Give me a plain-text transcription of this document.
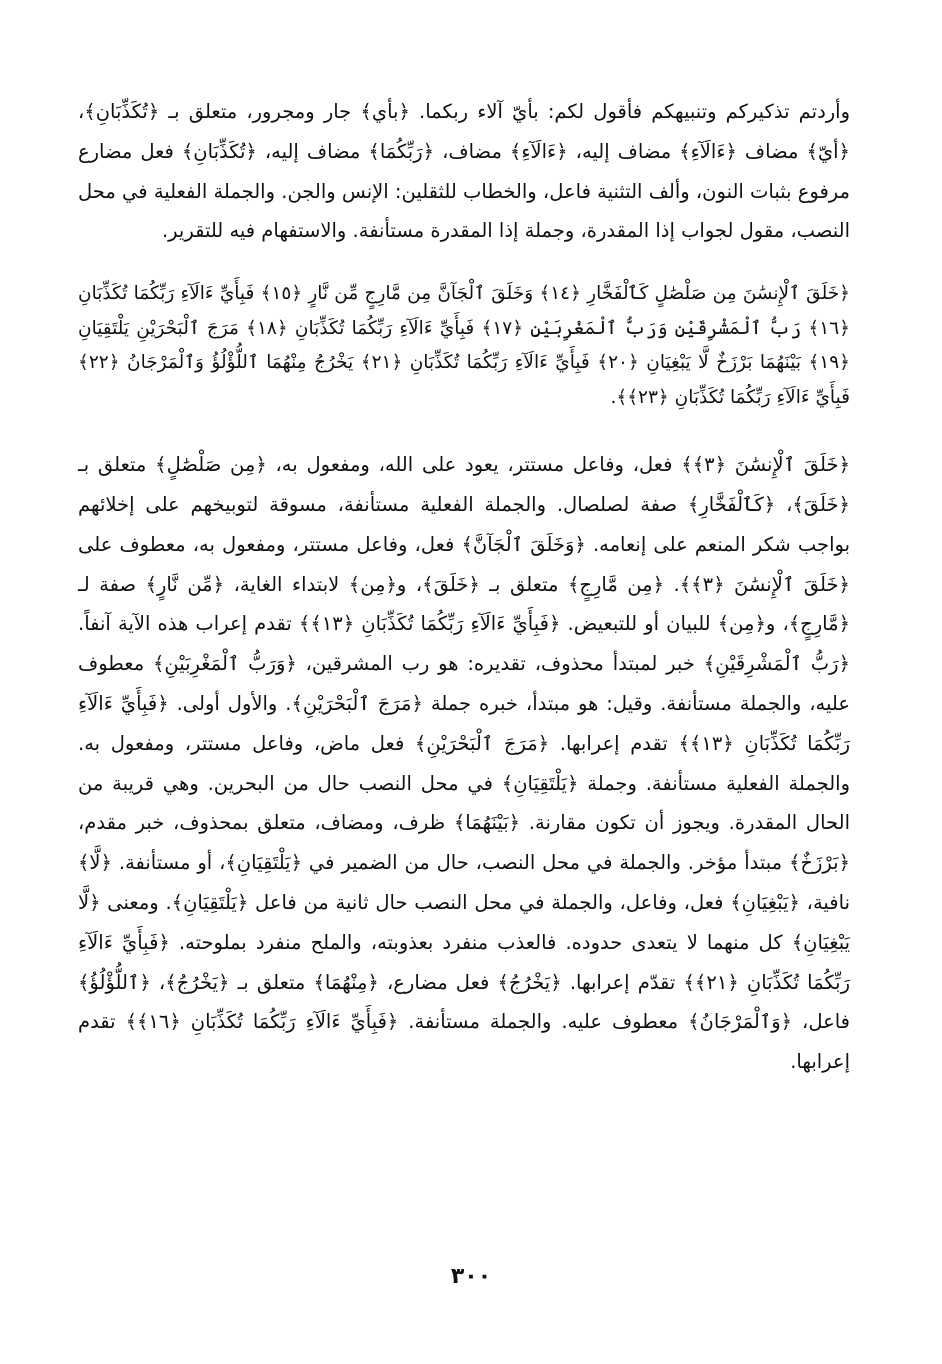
وأردتم تذكيركم وتنبيهكم فأقول لكم: بأيّ آلاء ربكما. ﴿بأي﴾ جار ومجرور، متعلق بـ ﴿تُكَذِّبَانِ﴾، ﴿أيّ﴾ مضاف ﴿ءَالَآءِ﴾ مضاف إليه، ﴿ءَالَآءِ﴾ مضاف، ﴿رَبِّكُمَا﴾ مضاف إليه، ﴿تُكَذِّبَانِ﴾ فعل مضارع مرفوع بثبات النون، وألف التثنية فاعل، والخطاب للثقلين: الإنس والجن. والجملة الفعلية في محل النصب، مقول لجواب إذا المقدرة، وجملة إذا المقدرة مستأنفة. والاستفهام فيه للتقرير.

﴿خَلَقَ ٱلْإِنسَٰنَ مِن صَلْصَٰلٍ كَٱلْفَخَّارِ ﴿١٤﴾ وَخَلَقَ ٱلْجَآنَّ مِن مَّارِجٍ مِّن نَّارٍ ﴿١٥﴾ فَبِأَيِّ ءَالَآءِ رَبِّكُمَا تُكَذِّبَانِ ﴿١٦﴾ رَبُّ ٱلْمَشْرِقَيْنِ وَرَبُّ ٱلْمَغْرِبَيْنِ ﴿١٧﴾ فَبِأَيِّ ءَالَآءِ رَبِّكُمَا تُكَذِّبَانِ ﴿١٨﴾ مَرَجَ ٱلْبَحْرَيْنِ يَلْتَقِيَانِ ﴿١٩﴾ بَيْنَهُمَا بَرْزَخٌ لَّا يَبْغِيَانِ ﴿٢٠﴾ فَبِأَيِّ ءَالَآءِ رَبِّكُمَا تُكَذِّبَانِ ﴿٢١﴾ يَخْرُجُ مِنْهُمَا ٱللُّؤْلُؤُ وَٱلْمَرْجَانُ ﴿٢٢﴾ فَبِأَيِّ ءَالَآءِ رَبِّكُمَا تُكَذِّبَانِ ﴿٢٣﴾﴾.

﴿خَلَقَ ٱلْإِنسَٰنَ ﴿٣﴾﴾ فعل، وفاعل مستتر، يعود على الله، ومفعول به، ﴿مِن صَلْصَٰلٍ﴾ متعلق بـ ﴿خَلَقَ﴾، ﴿كَٱلْفَخَّارِ﴾ صفة لصلصال. والجملة الفعلية مستأنفة، مسوقة لتوبيخهم على إخلائهم بواجب شكر المنعم على إنعامه. ﴿وَخَلَقَ ٱلْجَآنَّ﴾ فعل، وفاعل مستتر، ومفعول به، معطوف على ﴿خَلَقَ ٱلْإِنسَٰنَ ﴿٣﴾﴾. ﴿مِن مَّارِجٍ﴾ متعلق بـ ﴿خَلَقَ﴾، و﴿مِن﴾ لابتداء الغاية، ﴿مِّن نَّارٍ﴾ صفة لـ ﴿مَّارِجٍ﴾، و﴿مِن﴾ للبيان أو للتبعيض. ﴿فَبِأَيِّ ءَالَآءِ رَبِّكُمَا تُكَذِّبَانِ ﴿١٣﴾﴾ تقدم إعراب هذه الآية آنفاً. ﴿رَبُّ ٱلْمَشْرِقَيْنِ﴾ خبر لمبتدأ محذوف، تقديره: هو رب المشرقين، ﴿وَرَبُّ ٱلْمَغْرِبَيْنِ﴾ معطوف عليه، والجملة مستأنفة. وقيل: هو مبتدأ، خبره جملة ﴿مَرَجَ ٱلْبَحْرَيْنِ﴾. والأول أولى. ﴿فَبِأَيِّ ءَالَآءِ رَبِّكُمَا تُكَذِّبَانِ ﴿١٣﴾﴾ تقدم إعرابها. ﴿مَرَجَ ٱلْبَحْرَيْنِ﴾ فعل ماض، وفاعل مستتر، ومفعول به. والجملة الفعلية مستأنفة. وجملة ﴿يَلْتَقِيَانِ﴾ في محل النصب حال من البحرين. وهي قريبة من الحال المقدرة. ويجوز أن تكون مقارنة. ﴿بَيْنَهُمَا﴾ ظرف، ومضاف، متعلق بمحذوف، خبر مقدم، ﴿بَرْزَخٌ﴾ مبتدأ مؤخر. والجملة في محل النصب، حال من الضمير في ﴿يَلْتَقِيَانِ﴾، أو مستأنفة. ﴿لَّا﴾ نافية، ﴿يَبْغِيَانِ﴾ فعل، وفاعل، والجملة في محل النصب حال ثانية من فاعل ﴿يَلْتَقِيَانِ﴾. ومعنى ﴿لَّا يَبْغِيَانِ﴾ كل منهما لا يتعدى حدوده. فالعذب منفرد بعذوبته، والملح منفرد بملوحته. ﴿فَبِأَيِّ ءَالَآءِ رَبِّكُمَا تُكَذِّبَانِ ﴿٢١﴾﴾ تقدّم إعرابها. ﴿يَخْرُجُ﴾ فعل مضارع، ﴿مِنْهُمَا﴾ متعلق بـ ﴿يَخْرُجُ﴾، ﴿ٱللُّؤْلُؤُ﴾ فاعل، ﴿وَٱلْمَرْجَانُ﴾ معطوف عليه. والجملة مستأنفة. ﴿فَبِأَيِّ ءَالَآءِ رَبِّكُمَا تُكَذِّبَانِ ﴿١٦﴾﴾ تقدم إعرابها.

٣٠٠
